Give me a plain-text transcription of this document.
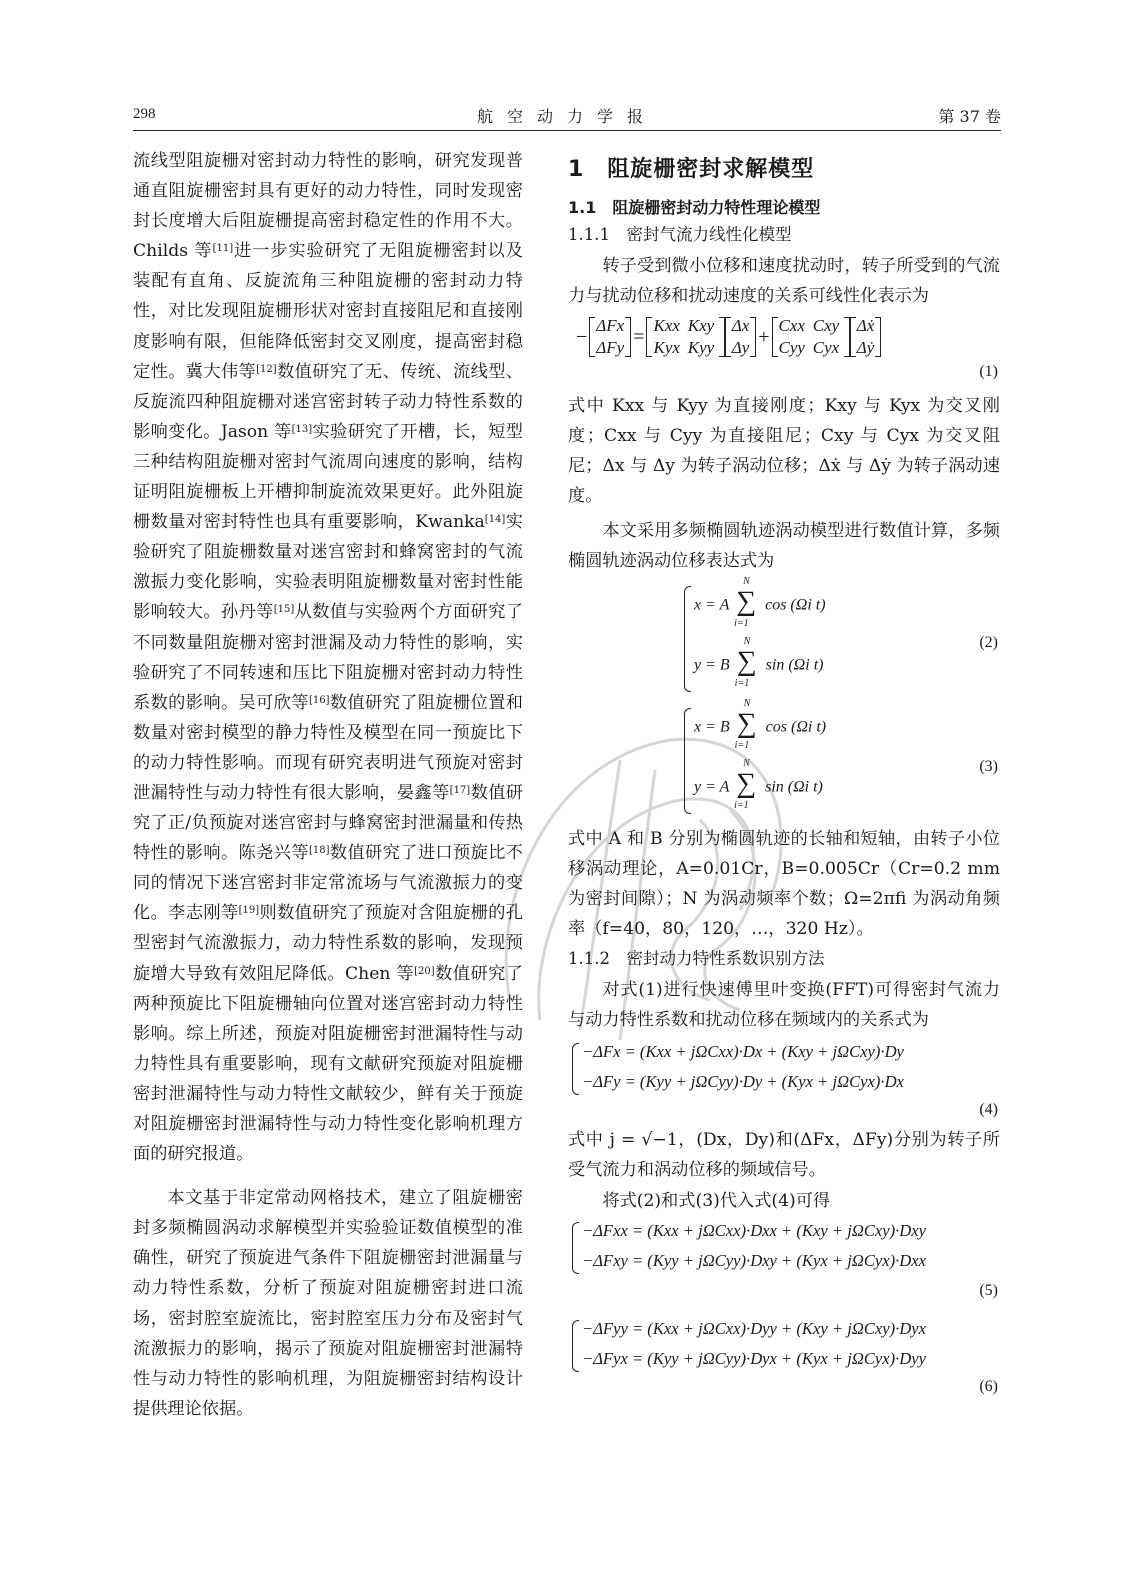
298	航空动力学报	第 37 卷

流线型阻旋栅对密封动力特性的影响，研究发现普通直阻旋栅密封具有更好的动力特性，同时发现密封长度增大后阻旋栅提高密封稳定性的作用不大。Childs 等[11]进一步实验研究了无阻旋栅密封以及装配有直角、反旋流角三种阻旋栅的密封动力特性，对比发现阻旋栅形状对密封直接阻尼和直接刚度影响有限，但能降低密封交叉刚度，提高密封稳定性。冀大伟等[12]数值研究了无、传统、流线型、反旋流四种阻旋栅对迷宫密封转子动力特性系数的影响变化。Jason 等[13]实验研究了开槽，长，短型三种结构阻旋栅对密封气流周向速度的影响，结构证明阻旋栅板上开槽抑制旋流效果更好。此外阻旋栅数量对密封特性也具有重要影响，Kwanka[14]实验研究了阻旋栅数量对迷宫密封和蜂窝密封的气流激振力变化影响，实验表明阻旋栅数量对密封性能影响较大。孙丹等[15]从数值与实验两个方面研究了不同数量阻旋栅对密封泄漏及动力特性的影响，实验研究了不同转速和压比下阻旋栅对密封动力特性系数的影响。吴可欣等[16]数值研究了阻旋栅位置和数量对密封模型的静力特性及模型在同一预旋比下的动力特性影响。而现有研究表明进气预旋对密封泄漏特性与动力特性有很大影响，晏鑫等[17]数值研究了正/负预旋对迷宫密封与蜂窝密封泄漏量和传热特性的影响。陈尧兴等[18]数值研究了进口预旋比不同的情况下迷宫密封非定常流场与气流激振力的变化。李志刚等[19]则数值研究了预旋对含阻旋栅的孔型密封气流激振力，动力特性系数的影响，发现预旋增大导致有效阻尼降低。Chen 等[20]数值研究了两种预旋比下阻旋栅轴向位置对迷宫密封动力特性影响。综上所述，预旋对阻旋栅密封泄漏特性与动力特性具有重要影响，现有文献研究预旋对阻旋栅密封泄漏特性与动力特性文献较少，鲜有关于预旋对阻旋栅密封泄漏特性与动力特性变化影响机理方面的研究报道。

本文基于非定常动网格技术，建立了阻旋栅密封多频椭圆涡动求解模型并实验验证数值模型的准确性，研究了预旋进气条件下阻旋栅密封泄漏量与动力特性系数，分析了预旋对阻旋栅密封进口流场，密封腔室旋流比，密封腔室压力分布及密封气流激振力的影响，揭示了预旋对阻旋栅密封泄漏特性与动力特性的影响机理，为阻旋栅密封结构设计提供理论依据。

1　阻旋栅密封求解模型
1.1　阻旋栅密封动力特性理论模型
1.1.1　密封气流力线性化模型

转子受到微小位移和速度扰动时，转子所受到的气流力与扰动位移和扰动速度的关系可线性化表示为

− ΔFx
ΔFy = Kxx Kxy
Kyx Kyy
Δx
Δy + Cxx Cxy
Cyy Cyx
Δẋ
Δẏ
(1)

式中 Kxx 与 Kyy 为直接刚度；Kxy 与 Kyx 为交叉刚度；Cxx 与 Cyy 为直接阻尼；Cxy 与 Cyx 为交叉阻尼；Δx 与 Δy 为转子涡动位移；Δẋ 与 Δẏ 为转子涡动速度。

本文采用多频椭圆轨迹涡动模型进行数值计算，多频椭圆轨迹涡动位移表达式为

x = A
N
∑
i=1
cos (Ωi t)
y = B
N
∑
i=1
sin (Ωi t)
(2)
x = B
N
∑
i=1
cos (Ωi t)
y = A
N
∑
i=1
sin (Ωi t)
(3)

式中 A 和 B 分别为椭圆轨迹的长轴和短轴，由转子小位移涡动理论，A=0.01Cr，B=0.005Cr（Cr=0.2 mm 为密封间隙）；N 为涡动频率个数；Ω=2πfi 为涡动角频率（f=40，80，120，…，320 Hz）。

1.1.2　密封动力特性系数识别方法

对式(1)进行快速傅里叶变换(FFT)可得密封气流力与动力特性系数和扰动位移在频域内的关系式为

−ΔFx = (Kxx + jΩCxx)·Dx + (Kxy + jΩCxy)·Dy
−ΔFy = (Kyy + jΩCyy)·Dy + (Kyx + jΩCyx)·Dx
(4)

式中 j = √−1，(Dx，Dy)和(ΔFx，ΔFy)分别为转子所受气流力和涡动位移的频域信号。

将式(2)和式(3)代入式(4)可得

−ΔFxx = (Kxx + jΩCxx)·Dxx + (Kxy + jΩCxy)·Dxy
−ΔFxy = (Kyy + jΩCyy)·Dxy + (Kyx + jΩCyx)·Dxx
(5)
−ΔFyy = (Kxx + jΩCxx)·Dyy + (Kxy + jΩCxy)·Dyx
−ΔFyx = (Kyy + jΩCyy)·Dyx + (Kyx + jΩCyx)·Dyy
(6)
